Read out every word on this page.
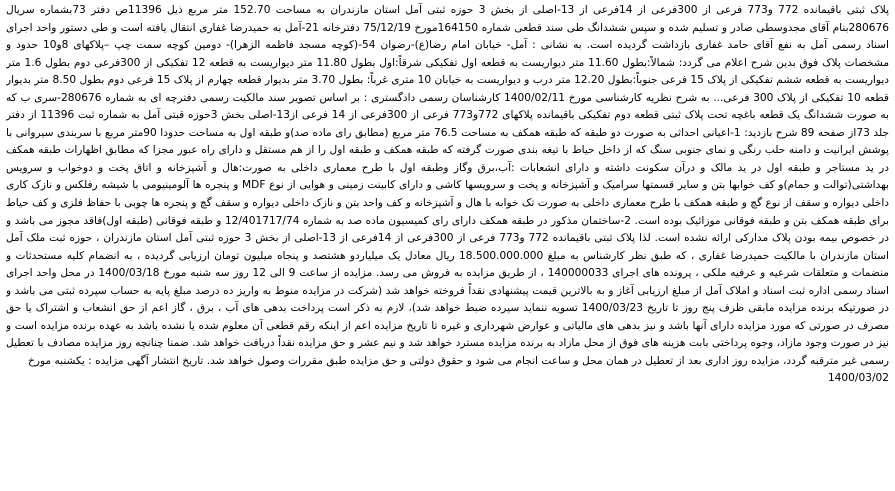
پلاک ثبتی باقیمانده 772 و773 فرعی از 300فرعی از 14فرعی از 13-اصلی از بخش 3 حوزه ثبتی آمل استان مازندران به مساحت 152.70 متر مربع ذیل 11396ص دفتر 73بشماره سریال 280676بنام آقای مجدوسطی صادر و تسلیم شده و سپس ششدانگ طی سند قطعی شماره 164150مورخ 75/12/19 دفترخانه 21-آمل به حمیدرضا غفاری انتقال یافته است و طی دستور واحد اجرای اسناد رسمی آمل به نفع آقای حامد غفاری بازداشت گردیده است. به نشانی : آمل- خیابان امام رضا(ع)-رضوان 54-(کوچه مسجد فاطمه الزهرا)- دومین کوچه سمت چپ –پلاکهای 8و10 حدود و مشخصات پلاک فوق بدین شرح اعلام می گردد: شمالاً:بطول 11.60 متر دیواریست به قطعه اول تفکیکی شرقاً:اول بطول 11.80 متر دیواریست به قطعه 12 تفکیکی از 300فرعی دوم بطول 1.6 متر دیواریست به قطعه ششم تفکیکی از پلاک 15 فرعی جنوباً:بطول 12.20 متر درب و دیواریست به خیابان 10 متری غرباً: بطول 3.70 متر بدیوار قطعه چهارم از پلاک 15 فرعی دوم بطول 8.50 متر بدیوار قطعه 10 تفکیکی از پلاک 300 فرعی... به شرح نظریه کارشناسی مورخ 1400/02/11 کارشناسان رسمی دادگستری : بر اساس تصویر سند مالکیت رسمی دفترچه ای به شماره 280676-سری ب که به صورت ششدانگ یک قطعه باغچه تحت پلاک ثبتی قطعه دوم تفکیکی باقیمانده پلاکهای 772و773 فرعی از 300فرعی از 14 فرعی از13-اصلی بخش 3حوزه قبتی آمل به شماره ثبت 11396 از دفتر جلد 73از صفحه 89 شرح بازدید: 1-اعیانی احداثی به صورت دو طبقه که طبقه همکف به مساحت 76.5 متر مربع (مطابق رای ماده صد)و طبقه اول به مساحت حدودا 90متر مربع با سربندی سیروانی با پوشش ایرانیت و دامنه حلب رنگی و نمای جنوبی سنگ که از داخل حیاط با تیغه بندی صورت گرفته که طبقه همکف و طبقه اول را از هم مستقل و دارای راه عبور مجزا که مطابق اظهارات طبقه همکف در ید مستاجر و طبقه اول در ید مالک و درآن سکونت داشته و دارای انشعابات :آب،برق وگاز وطبقه اول با طرح معماری داخلی به صورت:هال و آشپزخانه و اتاق پخت و دوخواب و سرویس بهداشتی(توالت و حمام)و کف خوابها بتن و سایر قسمتها سرامیک و آشپزخانه و پخت و سرویسها کاشی و دارای کابینت زمینی و هوایی از نوع MDF و پنجره ها آلومینیومی با شیشه رفلکس و نازک کاری داخلی دیواره و سقف از نوع گچ و طبقه همکف با طرح معماری داخلی به صورت تک خوابه با هال و آشپزخانه و کف واحد بتن و نازک داخلی دیواره و سقف گچ و پنجره ها چوبی با حفاظ فلزی و کف حیاط برای طبقه همکف بتن و طبقه فوقانی موزائیک بوده است. 2-ساختمان مذکور در طبقه همکف دارای رای کمیسیون ماده صد به شماره 12/401717/74 و طبقه فوقانی (طبقه اول)فاقد مجوز می باشد و در خصوص بیمه بودن پلاک مدارکی ارائه نشده است. لذا پلاک ثبتی باقیمانده 772 و773 فرعی از 300فرعی از 14فرعی از 13-اصلی از بخش 3 حوزه ثبتی آمل استان مازندران ، حوزه ثبت ملک آمل استان مازندران با مالکیت حمیدرضا غفاری ، که طبق نظر کارشناس به مبلغ 18.500.000.000 ریال معادل یک میلیاردو هشتصد و پنجاه میلیون تومان ارزیابی گردیده ، به انضمام کلیه مستحدثات و منضمات و متعلقات شرعیه و عرفیه ملکی ، پرونده های اجرای 140000033 ، از طریق مزایده به فروش می رسد. مزایده از ساعت 9 الی 12 روز سه شنبه مورخ 1400/03/18 در محل واحد اجرای اسناد رسمی اداره ثبت اسناد و املاک آمل از مبلغ ارزیابی آغاز و به بالاترین قیمت پیشنهادی نقداً فروخته خواهد شد (شرکت در مزایده منوط به واریز ده درصد مبلغ پایه به حساب سپرده ثبتی می باشد و در صورتیکه برنده مزایده مابقی ظرف پنج روز تا تاریخ 1400/03/23 تسویه ننماید سپرده ضبط خواهد شد)، لازم به ذکر است پرداخت بدهی های آب ، برق ، گاز اعم از حق انشعاب و اشتراک یا حق مصرف در صورتی که مورد مزایده دارای آنها باشد و نیز بدهی های مالیاتی و عوارض شهرداری و غیره تا تاریخ مزایده اعم از اینکه رقم قطعی آن معلوم شده یا نشده باشد به عهده برنده مزایده است و نیز در صورت وجود مازاد، وجوه پرداختی بابت هزینه های فوق از محل مازاد به برنده مزایده مسترد خواهد شد و نیم عشر و حق مزایده نقداً دریافت خواهد شد. ضمنا چنانچه روز مزایده مصادف با تعطیل رسمی غیر مترقبه گردد، مزایده روز اداری بعد از تعطیل در همان محل و ساعت انجام می شود و حقوق دولتی و حق مزایده طبق مقررات وصول خواهد شد. تاریخ انتشار آگهی مزایده : یکشنبه مورخ

1400/03/02
